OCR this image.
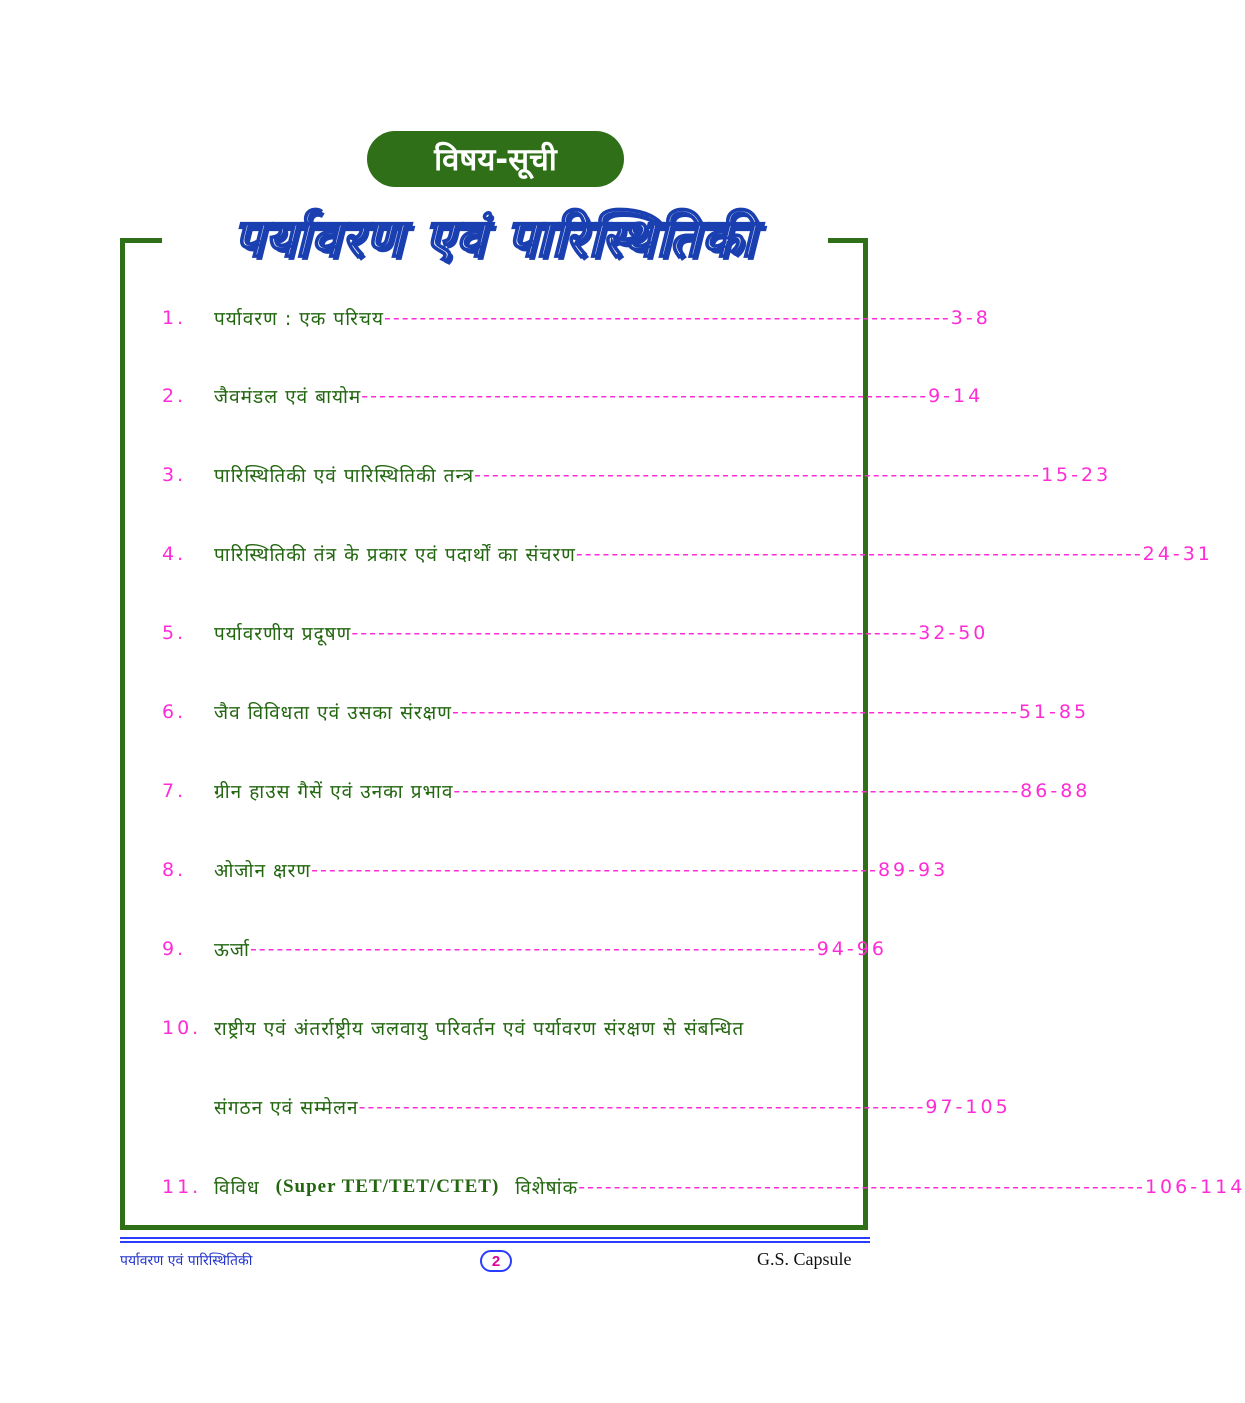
विषय-सूची
पर्यावरण एवं पारिस्थितिकी
1.	पर्यावरण : एक परिचय ---------------------------------------------------------------- 3-8
2.	जैवमंडल एवं बायोम ---------------------------------------------------------------- 9-14
3.	पारिस्थितिकी एवं पारिस्थितिकी तन्त्र ---------------------------------------------------------------- 15-23
4.	पारिस्थितिकी तंत्र के प्रकार एवं पदार्थों का संचरण ---------------------------------------------------------------- 24-31
5.	पर्यावरणीय प्रदूषण ---------------------------------------------------------------- 32-50
6.	जैव विविधता एवं उसका संरक्षण ---------------------------------------------------------------- 51-85
7.	ग्रीन हाउस गैसें एवं उनका प्रभाव ---------------------------------------------------------------- 86-88
8.	ओजोन क्षरण ---------------------------------------------------------------- 89-93
9.	ऊर्जा ---------------------------------------------------------------- 94-96
10. राष्ट्रीय एवं अंतर्राष्ट्रीय जलवायु परिवर्तन एवं पर्यावरण संरक्षण से संबन्धित
संगठन एवं सम्मेलन ---------------------------------------------------------------- 97-105
11. विविध (Super TET/TET/CTET) विशेषांक ---------------------------------------------------------------- 106-114
पर्यावरण एवं पारिस्थितिकी	2	G.S. Capsule
